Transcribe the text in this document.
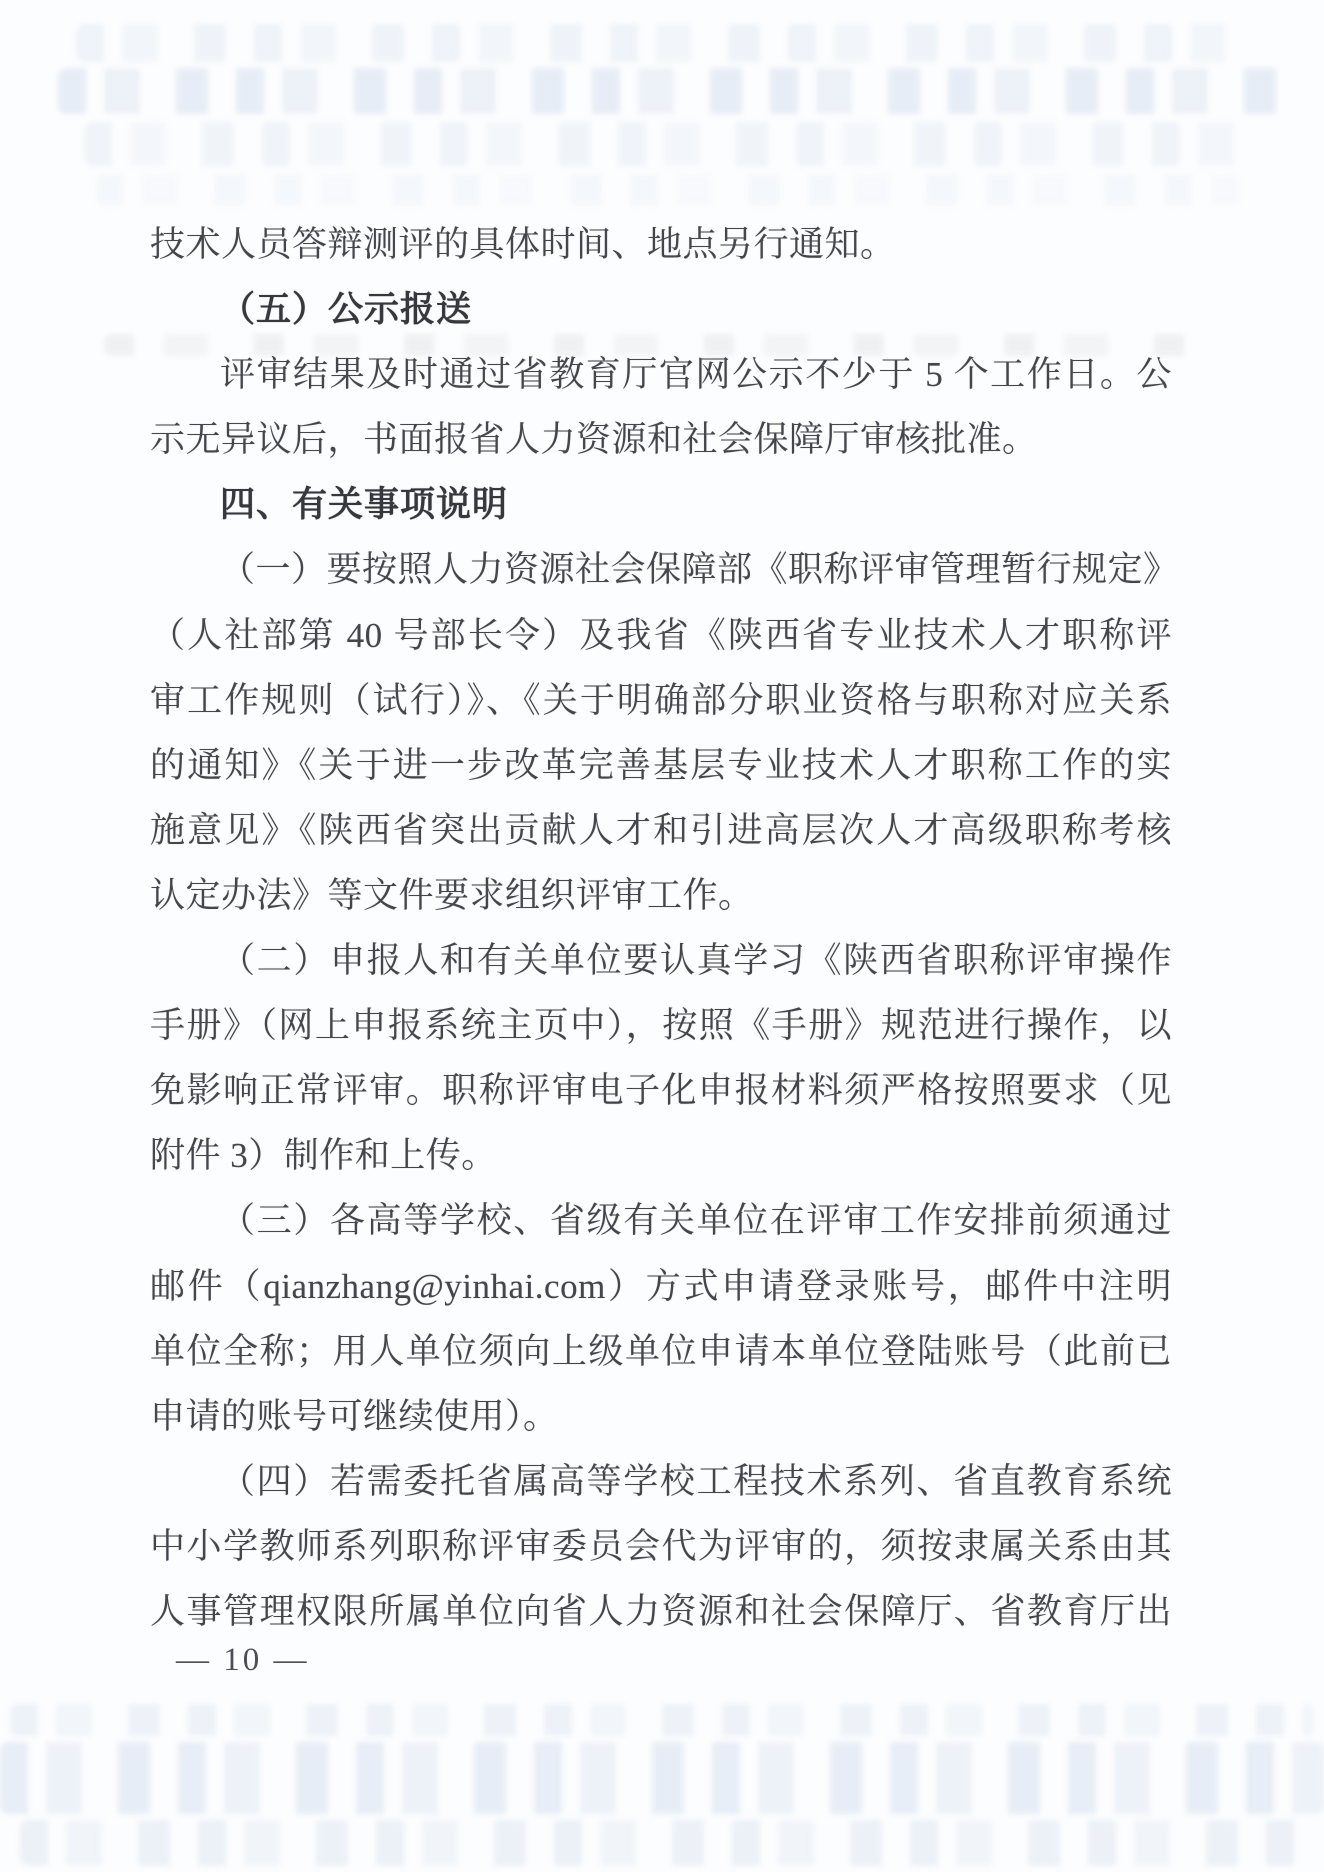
技术人员答辩测评的具体时间、地点另行通知。
（五）公示报送
评审结果及时通过省教育厅官网公示不少于 5 个工作日。公
示无异议后，书面报省人力资源和社会保障厅审核批准。
四、有关事项说明
（一）要按照人力资源社会保障部《职称评审管理暂行规定》
（人社部第 40 号部长令）及我省《陕西省专业技术人才职称评
审工作规则（试行）》、《关于明确部分职业资格与职称对应关系
的通知》《关于进一步改革完善基层专业技术人才职称工作的实
施意见》《陕西省突出贡献人才和引进高层次人才高级职称考核
认定办法》等文件要求组织评审工作。
（二）申报人和有关单位要认真学习《陕西省职称评审操作
手册》（网上申报系统主页中），按照《手册》规范进行操作，以
免影响正常评审。职称评审电子化申报材料须严格按照要求（见
附件 3）制作和上传。
（三）各高等学校、省级有关单位在评审工作安排前须通过
邮件（qianzhang@yinhai.com）方式申请登录账号，邮件中注明
单位全称；用人单位须向上级单位申请本单位登陆账号（此前已
申请的账号可继续使用）。
（四）若需委托省属高等学校工程技术系列、省直教育系统
中小学教师系列职称评审委员会代为评审的，须按隶属关系由其
人事管理权限所属单位向省人力资源和社会保障厅、省教育厅出
— 10 —
